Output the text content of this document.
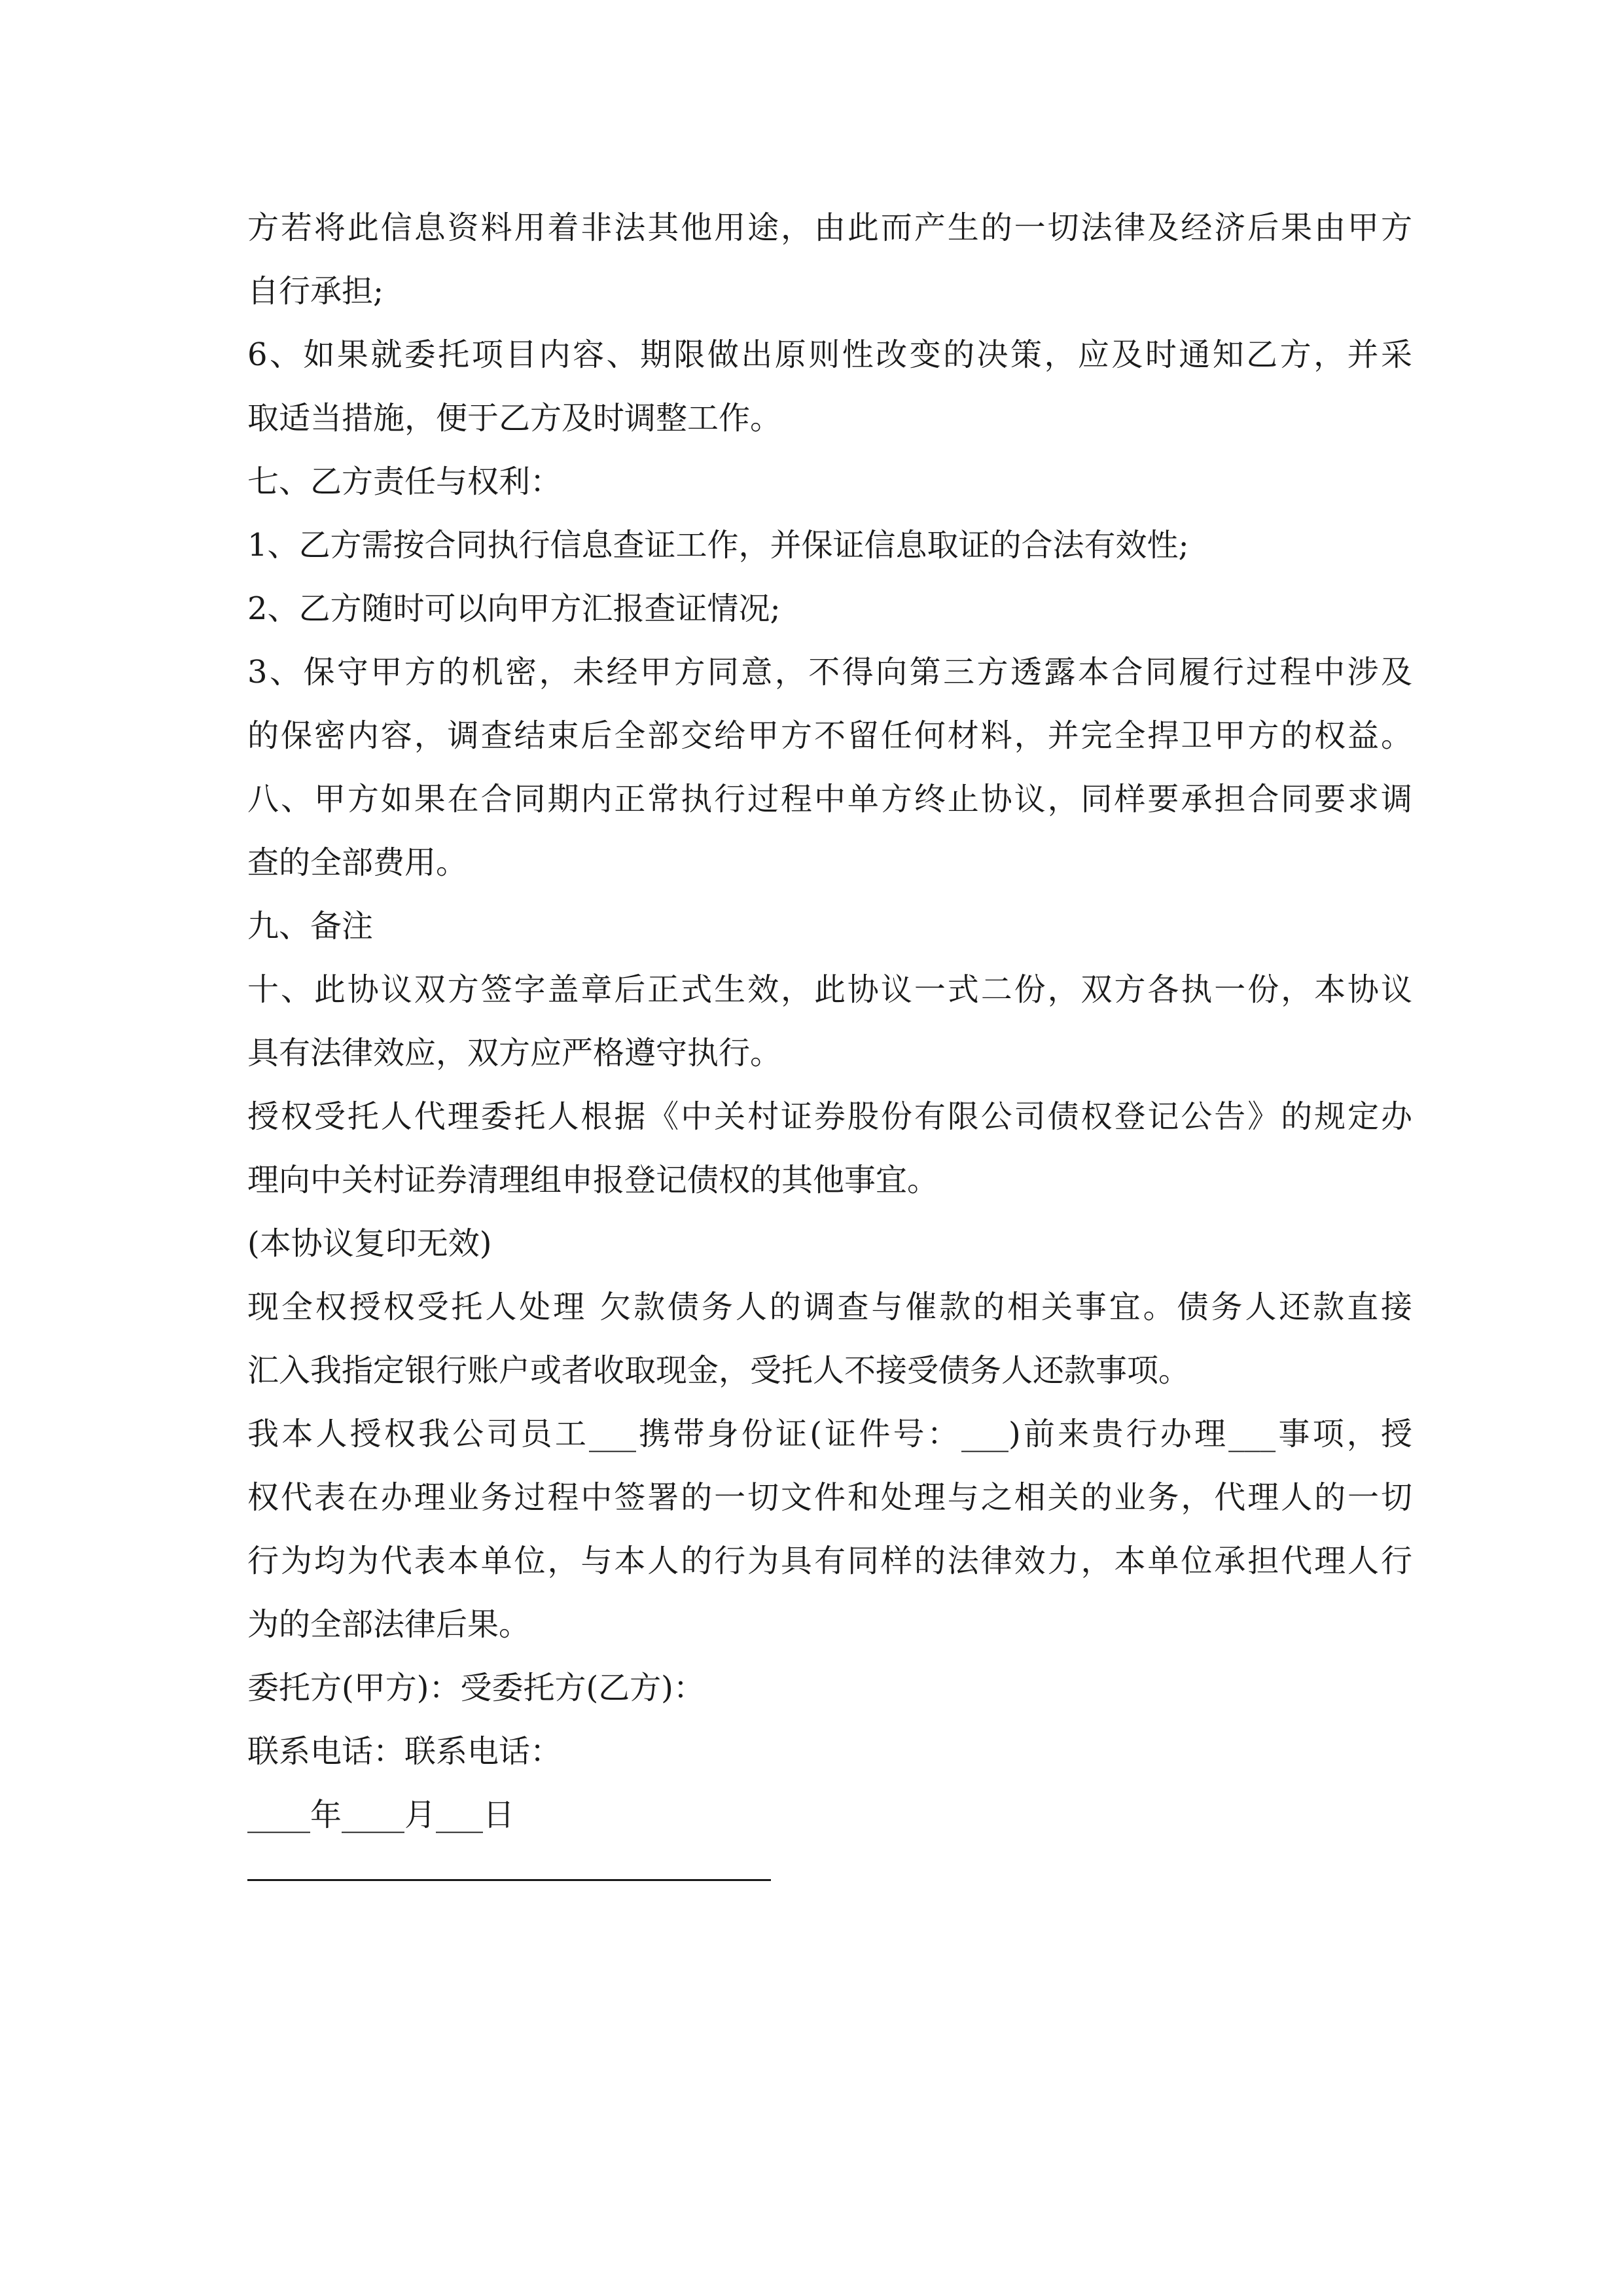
方若将此信息资料用着非法其他用途，由此而产生的一切法律及经济后果由甲方
自行承担;
6、如果就委托项目内容、期限做出原则性改变的决策，应及时通知乙方，并采
取适当措施，便于乙方及时调整工作。
七、乙方责任与权利：
1、乙方需按合同执行信息查证工作，并保证信息取证的合法有效性;
2、乙方随时可以向甲方汇报查证情况;
3、保守甲方的机密，未经甲方同意，不得向第三方透露本合同履行过程中涉及
的保密内容，调查结束后全部交给甲方不留任何材料，并完全捍卫甲方的权益。
八、甲方如果在合同期内正常执行过程中单方终止协议，同样要承担合同要求调
查的全部费用。
九、备注
十、此协议双方签字盖章后正式生效，此协议一式二份，双方各执一份，本协议
具有法律效应，双方应严格遵守执行。
授权受托人代理委托人根据《中关村证券股份有限公司债权登记公告》的规定办
理向中关村证券清理组申报登记债权的其他事宜。
(本协议复印无效)
现全权授权受托人处理 欠款债务人的调查与催款的相关事宜。债务人还款直接
汇入我指定银行账户或者收取现金，受托人不接受债务人还款事项。
我本人授权我公司员工___携带身份证(证件号：___)前来贵行办理___事项，授
权代表在办理业务过程中签署的一切文件和处理与之相关的业务，代理人的一切
行为均为代表本单位，与本人的行为具有同样的法律效力，本单位承担代理人行
为的全部法律后果。
委托方(甲方)：受委托方(乙方)：
联系电话：联系电话：
____年____月___日
